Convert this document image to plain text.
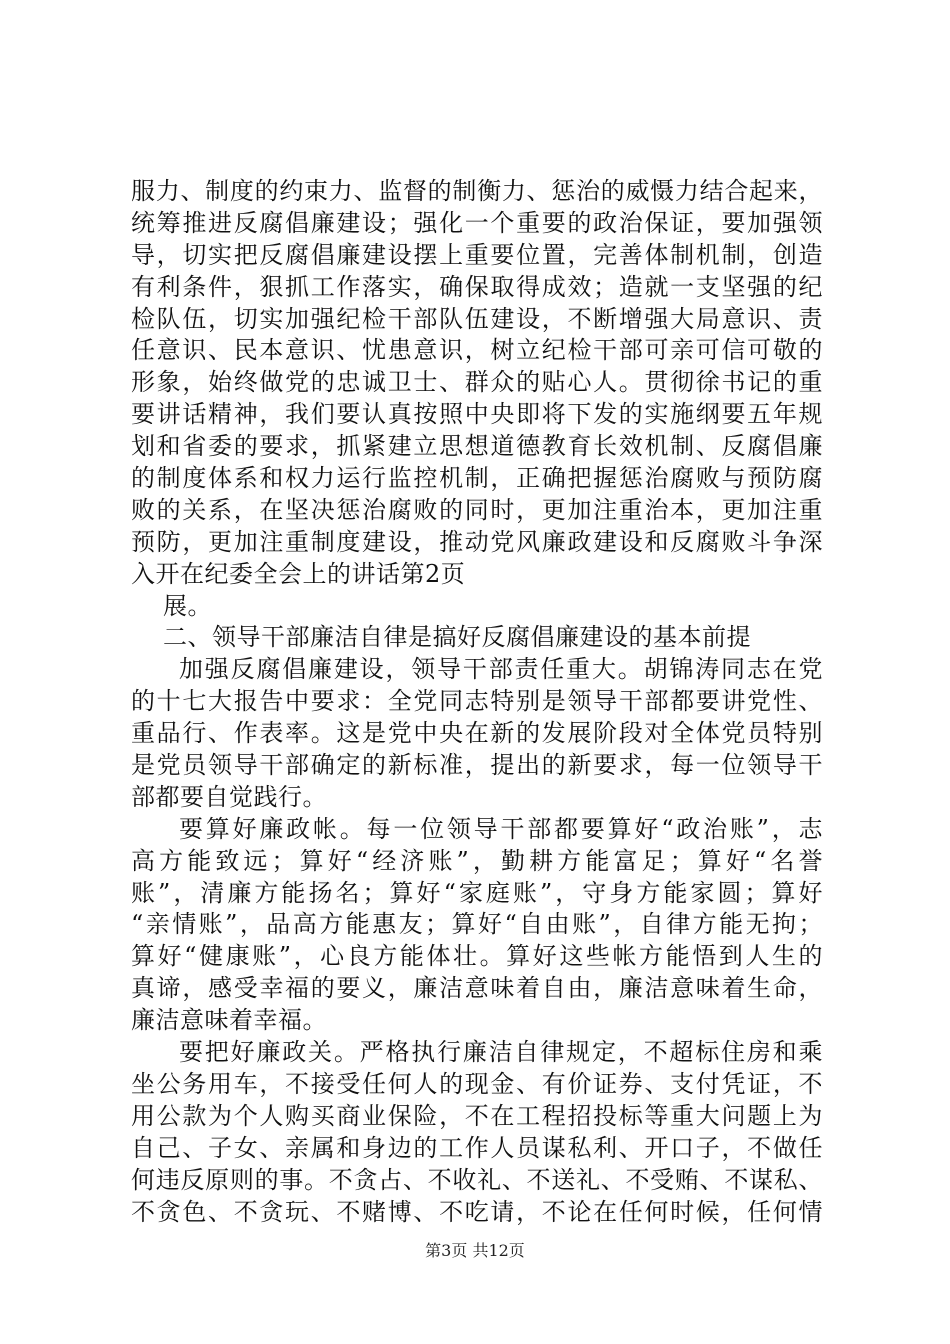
服力、制度的约束力、监督的制衡力、惩治的威慑力结合起来，
统筹推进反腐倡廉建设；强化一个重要的政治保证，要加强领
导，切实把反腐倡廉建设摆上重要位置，完善体制机制，创造
有利条件，狠抓工作落实，确保取得成效；造就一支坚强的纪
检队伍，切实加强纪检干部队伍建设，不断增强大局意识、责
任意识、民本意识、忧患意识，树立纪检干部可亲可信可敬的
形象，始终做党的忠诚卫士、群众的贴心人。贯彻徐书记的重
要讲话精神，我们要认真按照中央即将下发的实施纲要五年规
划和省委的要求，抓紧建立思想道德教育长效机制、反腐倡廉
的制度体系和权力运行监控机制，正确把握惩治腐败与预防腐
败的关系，在坚决惩治腐败的同时，更加注重治本，更加注重
预防，更加注重制度建设，推动党风廉政建设和反腐败斗争深
入开在纪委全会上的讲话第2页
展。
二、领导干部廉洁自律是搞好反腐倡廉建设的基本前提
加强反腐倡廉建设，领导干部责任重大。胡锦涛同志在党
的十七大报告中要求：全党同志特别是领导干部都要讲党性、
重品行、作表率。这是党中央在新的发展阶段对全体党员特别
是党员领导干部确定的新标准，提出的新要求，每一位领导干
部都要自觉践行。
要算好廉政帐。每一位领导干部都要算好“政治账”，志
高方能致远；算好“经济账”，勤耕方能富足；算好“名誉
账”，清廉方能扬名；算好“家庭账”，守身方能家圆；算好
“亲情账”，品高方能惠友；算好“自由账”，自律方能无拘；
算好“健康账”，心良方能体壮。算好这些帐方能悟到人生的
真谛，感受幸福的要义，廉洁意味着自由，廉洁意味着生命，
廉洁意味着幸福。
要把好廉政关。严格执行廉洁自律规定，不超标住房和乘
坐公务用车，不接受任何人的现金、有价证券、支付凭证，不
用公款为个人购买商业保险，不在工程招投标等重大问题上为
自己、子女、亲属和身边的工作人员谋私利、开口子，不做任
何违反原则的事。不贪占、不收礼、不送礼、不受贿、不谋私、
不贪色、不贪玩、不赌博、不吃请，不论在任何时候，任何情
第3页 共12页
